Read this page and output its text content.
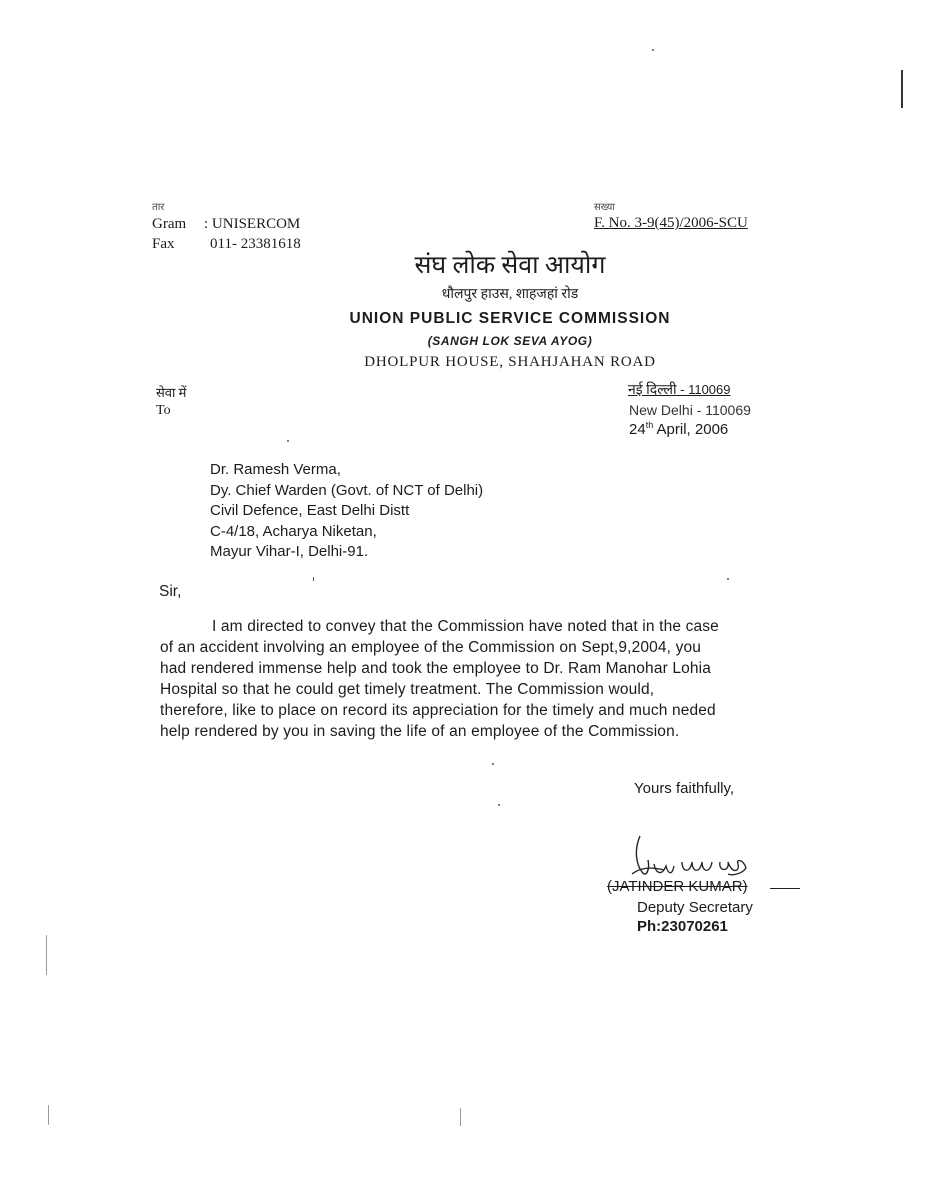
तार
Gram : UNISERCOM
Fax 011- 23381618
सख्या
F. No. 3-9(45)/2006-SCU
संघ लोक सेवा आयोग
धौलपुर हाउस, शाहजहां रोड
UNION PUBLIC SERVICE COMMISSION
(SANGH LOK SEVA AYOG)
DHOLPUR HOUSE, SHAHJAHAN ROAD
सेवा में
To
नई दिल्ली - 110069
New Delhi - 110069
24th April, 2006
Dr. Ramesh Verma,
Dy. Chief Warden (Govt. of NCT of Delhi)
Civil Defence, East Delhi Distt
C-4/18, Acharya Niketan,
Mayur Vihar-I, Delhi-91.
Sir,
I am directed to convey that the Commission have noted that in the case
of an accident involving an employee of the Commission on Sept,9,2004, you
had rendered immense help and took the employee to Dr. Ram Manohar Lohia
Hospital so that he could get timely treatment. The Commission would,
therefore, like to place on record its appreciation for the timely and much neded
help rendered by you in saving the life of an employee of the Commission.
Yours faithfully,
(JATINDER KUMAR)
Deputy Secretary
Ph:23070261
